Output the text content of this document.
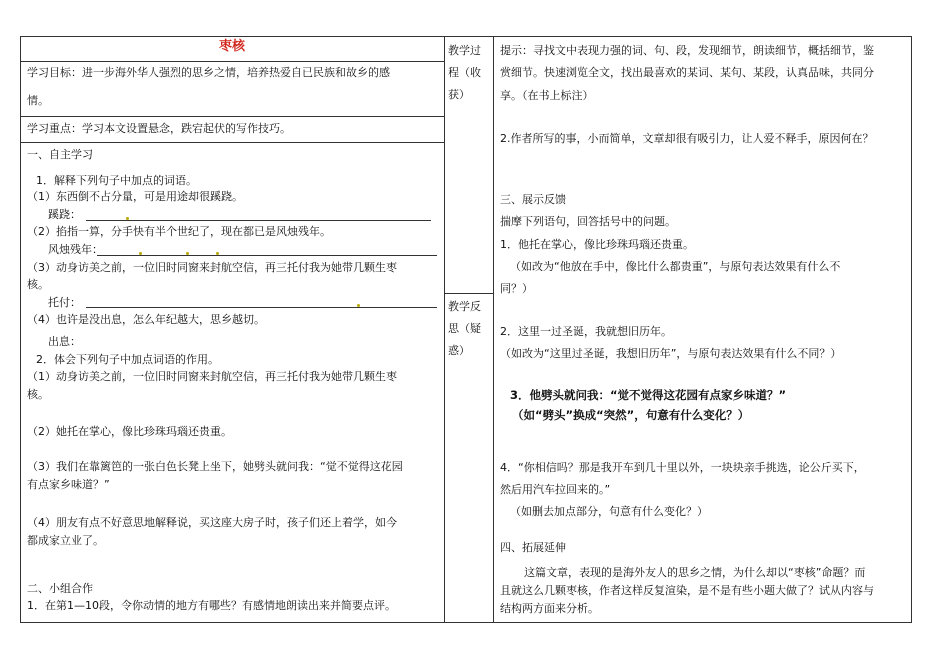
枣核
学习目标：进一步海外华人强烈的思乡之情，培养热爱自已民族和故乡的感
情。
学习重点：学习本文设置悬念，跌宕起伏的写作技巧。
一、自主学习
1．解释下列句子中加点的词语。
（1）东西倒不占分量，可是用途却很蹊跷。
蹊跷：
（2）掐指一算，分手快有半个世纪了，现在都已是风烛残年。
风烛残年：
（3）动身访美之前，一位旧时同窗来封航空信，再三托付我为她带几颗生枣
核。
托付：
（4）也许是没出息，怎么年纪越大，思乡越切。
出息：
2．体会下列句子中加点词语的作用。
（1）动身访美之前，一位旧时同窗来封航空信，再三托付我为她带几颗生枣
核。
（2）她托在掌心，像比珍珠玛瑙还贵重。
（3）我们在靠篱笆的一张白色长凳上坐下，她劈头就问我：“觉不觉得这花园
有点家乡味道？”
（4）朋友有点不好意思地解释说，买这座大房子时，孩子们还上着学，如今
都成家立业了。
二、小组合作
1．在第1—10段，令你动情的地方有哪些？有感情地朗读出来并简要点评。
教学过程（收获）
教学反思（疑惑）
提示：寻找文中表现力强的词、句、段，发现细节，朗读细节，概括细节，鉴
赏细节。快速浏览全文，找出最喜欢的某词、某句、某段，认真品味，共同分
享。（在书上标注）
2.作者所写的事，小而简单，文章却很有吸引力，让人爱不释手，原因何在？
三、展示反馈
揣摩下列语句，回答括号中的问题。
1．他托在掌心，像比珍珠玛瑙还贵重。
（如改为“他放在手中，像比什么都贵重”，与原句表达效果有什么不
同？）
2．这里一过圣诞，我就想旧历年。
（如改为“这里过圣诞，我想旧历年”，与原句表达效果有什么不同？）
3．他劈头就问我：“觉不觉得这花园有点家乡味道？”
（如“劈头”换成“突然”，句意有什么变化？）
4．“你相信吗？那是我开车到几十里以外，一块块亲手挑选，论公斤买下，
然后用汽车拉回来的。”
（如删去加点部分，句意有什么变化？）
四、拓展延伸
这篇文章，表现的是海外友人的思乡之情，为什么却以“枣核”命题？而
且就这么几颗枣核，作者这样反复渲染，是不是有些小题大做了？试从内容与
结构两方面来分析。
